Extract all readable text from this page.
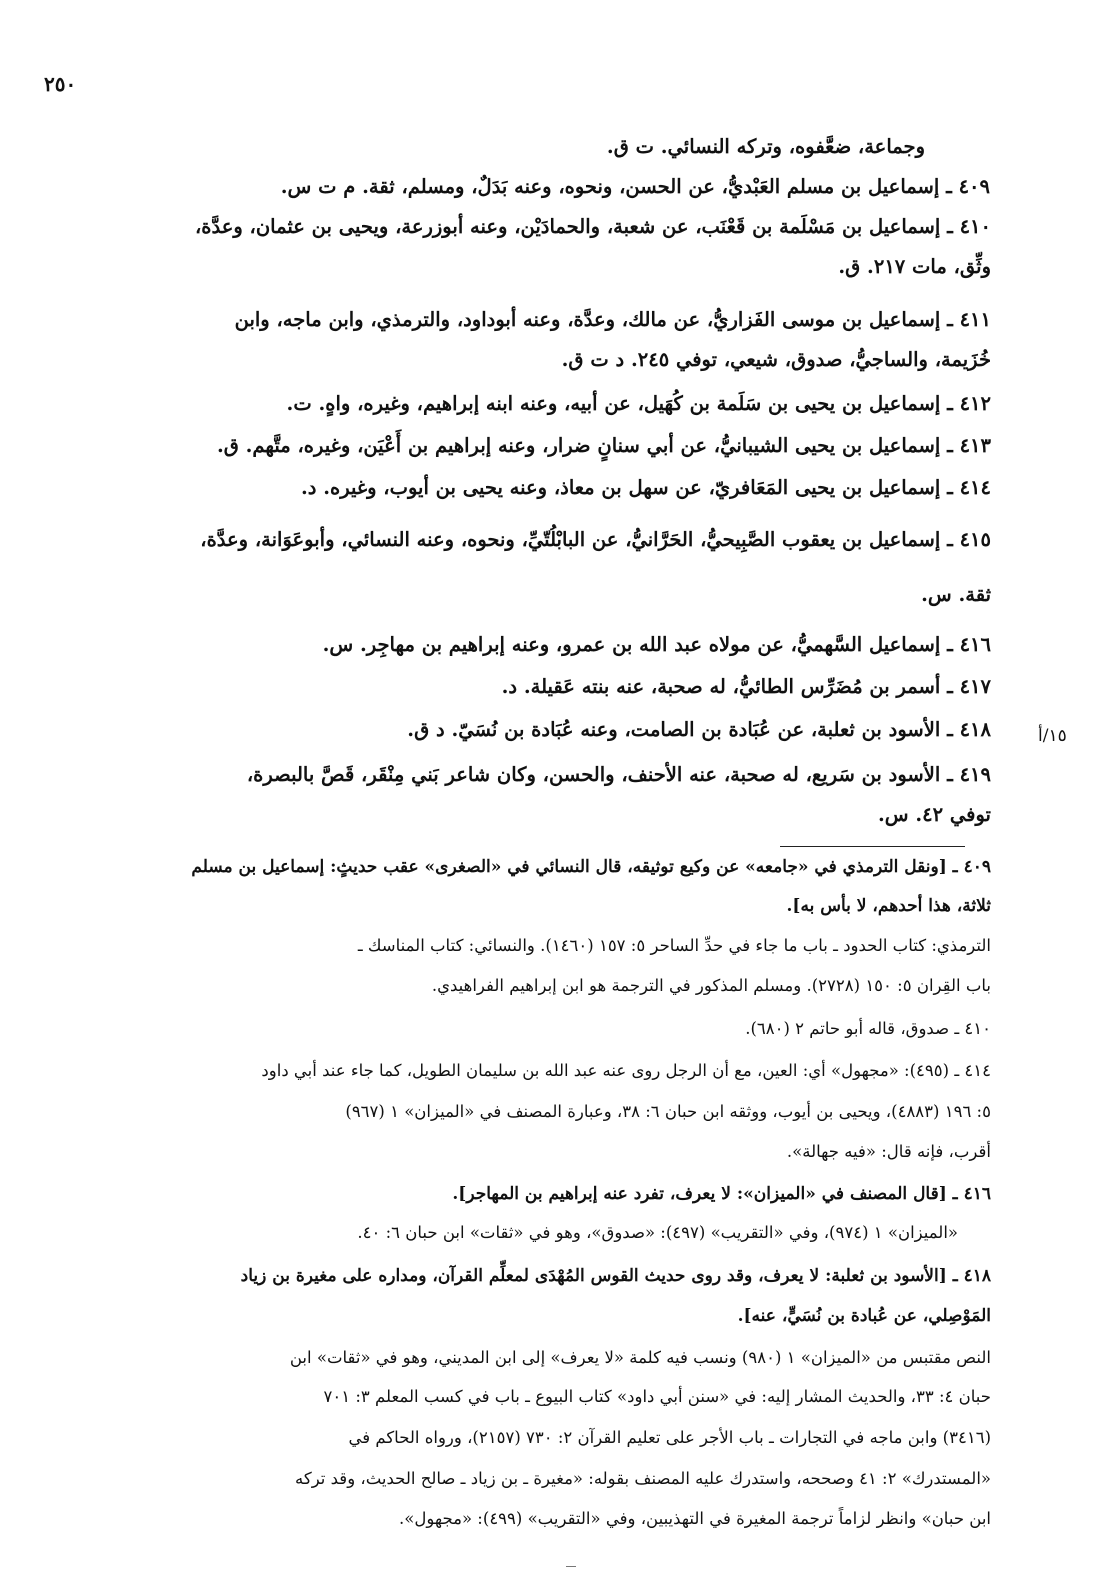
٢٥٠
١٥/أ
وجماعة، ضعَّفوه، وتركه النسائي. ت ق.
٤٠٩ ـ إسماعيل بن مسلم العَبْديُّ، عن الحسن، ونحوه، وعنه بَدَلٌ، ومسلم، ثقة. م ت س.
٤١٠ ـ إسماعيل بن مَسْلَمة بن قَعْنَب، عن شعبة، والحمادَيْن، وعنه أبوزرعة، ويحيى بن عثمان، وعدَّة،
وثِّق، مات ٢١٧. ق.
٤١١ ـ إسماعيل بن موسى الفَزاريُّ، عن مالك، وعدَّة، وعنه أبوداود، والترمذي، وابن ماجه، وابن
خُزَيمة، والساجيُّ، صدوق، شيعي، توفي ٢٤٥. د ت ق.
٤١٢ ـ إسماعيل بن يحيى بن سَلَمة بن كُهَيل، عن أبيه، وعنه ابنه إبراهيم، وغيره، واهٍ. ت.
٤١٣ ـ إسماعيل بن يحيى الشيبانيُّ، عن أبي سنانٍ ضرار، وعنه إبراهيم بن أَعْيَن، وغيره، متَّهم. ق.
٤١٤ ـ إسماعيل بن يحيى المَعَافريّ، عن سهل بن معاذ، وعنه يحيى بن أيوب، وغيره. د.
٤١٥ ـ إسماعيل بن يعقوب الصَّبِيحيُّ، الحَرَّانيُّ، عن البابْلُتّيِّ، ونحوه، وعنه النسائي، وأبوعَوَانة، وعدَّة،
ثقة. س.
٤١٦ ـ إسماعيل السَّهميُّ، عن مولاه عبد الله بن عمرو، وعنه إبراهيم بن مهاجِر. س.
٤١٧ ـ أسمر بن مُضَرِّس الطائيُّ، له صحبة، عنه بنته عَقيلة. د.
٤١٨ ـ الأسود بن ثعلبة، عن عُبَادة بن الصامت، وعنه عُبَادة بن نُسَيّ. د ق.
٤١٩ ـ الأسود بن سَريع، له صحبة، عنه الأحنف، والحسن، وكان شاعر بَني مِنْقَر، قَصَّ بالبصرة،
توفي ٤٢. س.
٤٠٩ ـ [ونقل الترمذي في «جامعه» عن وكيع توثيقه، قال النسائي في «الصغرى» عقب حديثٍ: إسماعيل بن مسلم
ثلاثة، هذا أحدهم، لا بأس به].
الترمذي: كتاب الحدود ـ باب ما جاء في حدِّ الساحر ٥: ١٥٧ (١٤٦٠). والنسائي: كتاب المناسك ـ
باب القِران ٥: ١٥٠ (٢٧٢٨). ومسلم المذكور في الترجمة هو ابن إبراهيم الفراهيدي.
٤١٠ ـ صدوق، قاله أبو حاتم ٢ (٦٨٠).
٤١٤ ـ (٤٩٥): «مجهول» أي: العين، مع أن الرجل روى عنه عبد الله بن سليمان الطويل، كما جاء عند أبي داود
٥: ١٩٦ (٤٨٨٣)، ويحيى بن أيوب، ووثقه ابن حبان ٦: ٣٨، وعبارة المصنف في «الميزان» ١ (٩٦٧)
أقرب، فإنه قال: «فيه جهالة».
٤١٦ ـ [قال المصنف في «الميزان»: لا يعرف، تفرد عنه إبراهيم بن المهاجر].
«الميزان» ١ (٩٧٤)، وفي «التقريب» (٤٩٧): «صدوق»، وهو في «ثقات» ابن حبان ٦: ٤٠.
٤١٨ ـ [الأسود بن ثعلبة: لا يعرف، وقد روى حديث القوس المُهْدَى لمعلِّم القرآن، ومداره على مغيرة بن زياد
المَوْصِلي، عن عُبادة بن نُسَيٍّ، عنه].
النص مقتبس من «الميزان» ١ (٩٨٠) ونسب فيه كلمة «لا يعرف» إلى ابن المديني، وهو في «ثقات» ابن
حبان ٤: ٣٣، والحديث المشار إليه: في «سنن أبي داود» كتاب البيوع ـ باب في كسب المعلم ٣: ٧٠١
(٣٤١٦) وابن ماجه في التجارات ـ باب الأجر على تعليم القرآن ٢: ٧٣٠ (٢١٥٧)، ورواه الحاكم في
«المستدرك» ٢: ٤١ وصححه، واستدرك عليه المصنف بقوله: «مغيرة ـ بن زياد ـ صالح الحديث، وقد تركه
ابن حبان» وانظر لزاماً ترجمة المغيرة في التهذيبين، وفي «التقريب» (٤٩٩): «مجهول».
